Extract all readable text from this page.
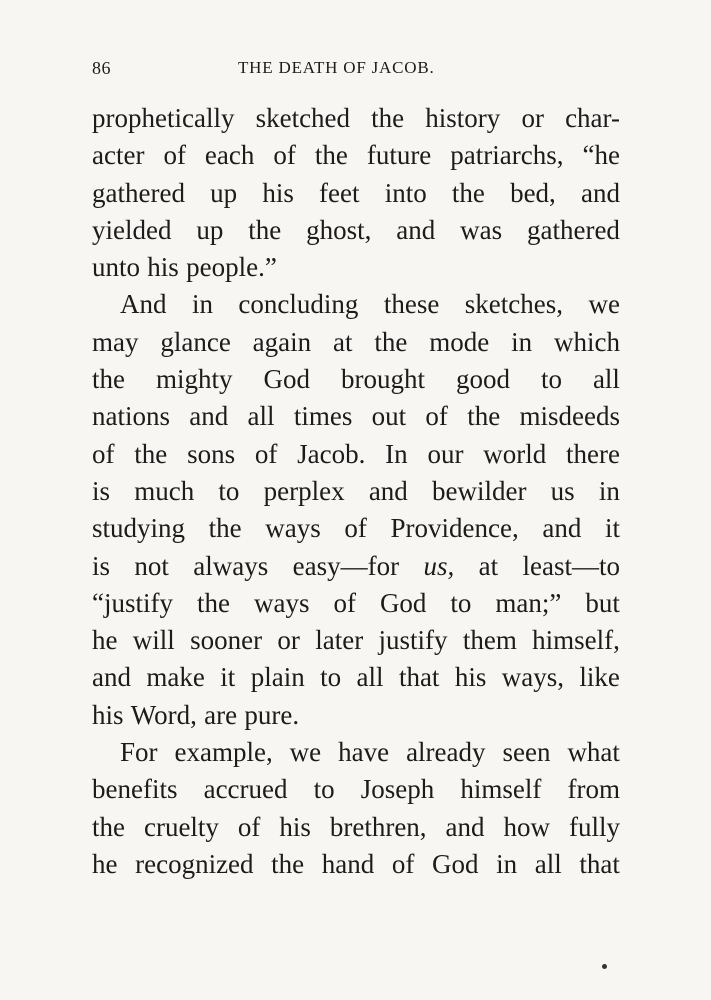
86	THE DEATH OF JACOB.
prophetically sketched the history or char-
acter of each of the future patriarchs, “he
gathered up his feet into the bed, and
yielded up the ghost, and was gathered
unto his people.”
And in concluding these sketches, we
may glance again at the mode in which
the mighty God brought good to all
nations and all times out of the misdeeds
of the sons of Jacob. In our world there
is much to perplex and bewilder us in
studying the ways of Providence, and it
is not always easy—for us, at least—to
“justify the ways of God to man;” but
he will sooner or later justify them himself,
and make it plain to all that his ways, like
his Word, are pure.
For example, we have already seen what
benefits accrued to Joseph himself from
the cruelty of his brethren, and how fully
he recognized the hand of God in all that
